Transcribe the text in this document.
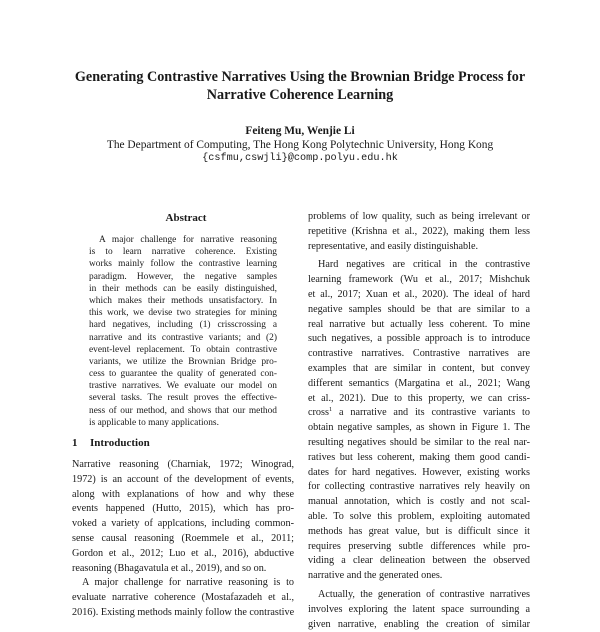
Generating Contrastive Narratives Using the Brownian Bridge Process for
Narrative Coherence Learning
Feiteng Mu, Wenjie Li
The Department of Computing, The Hong Kong Polytechnic University, Hong Kong
{csfmu,cswjli}@comp.polyu.edu.hk
Abstract
A major challenge for narrative reasoning
is to learn narrative coherence. Existing
works mainly follow the contrastive learning
paradigm. However, the negative samples
in their methods can be easily distinguished,
which makes their methods unsatisfactory. In
this work, we devise two strategies for mining
hard negatives, including (1) crisscrossing a
narrative and its contrastive variants; and (2)
event-level replacement. To obtain contrastive
variants, we utilize the Brownian Bridge pro-
cess to guarantee the quality of generated con-
trastive narratives. We evaluate our model on
several tasks. The result proves the effective-
ness of our method, and shows that our method
is applicable to many applications.
1 Introduction
Narrative reasoning (Charniak, 1972; Winograd,
1972) is an account of the development of events,
along with explanations of how and why these
events happened (Hutto, 2015), which has pro-
voked a variety of applcations, including common-
sense causal reasoning (Roemmele et al., 2011;
Gordon et al., 2012; Luo et al., 2016), abductive
reasoning (Bhagavatula et al., 2019), and so on.
A major challenge for narrative reasoning is to
evaluate narrative coherence (Mostafazadeh et al.,
2016). Existing methods mainly follow the contrastive
problems of low quality, such as being irrelevant or
repetitive (Krishna et al., 2022), making them less
representative, and easily distinguishable.
Hard negatives are critical in the contrastive
learning framework (Wu et al., 2017; Mishchuk
et al., 2017; Xuan et al., 2020). The ideal of hard
negative samples should be that are similar to a
real narrative but actually less coherent. To mine
such negatives, a possible approach is to introduce
contrastive narratives. Contrastive narratives are
examples that are similar in content, but convey
different semantics (Margatina et al., 2021; Wang
et al., 2021). Due to this property, we can criss-
cross$^1$ a narrative and its contrastive variants to
obtain negative samples, as shown in Figure 1. The
resulting negatives should be similar to the real nar-
ratives but less coherent, making them good candi-
dates for hard negatives. However, existing works
for collecting contrastive narratives rely heavily on
manual annotation, which is costly and not scal-
able. To solve this problem, exploiting automated
methods has great value, but is difficult since it
requires preserving subtle differences while pro-
viding a clear delineation between the observed
narrative and the generated ones.
Actually, the generation of contrastive narratives
involves exploring the latent space surrounding a
given narrative, enabling the creation of similar
